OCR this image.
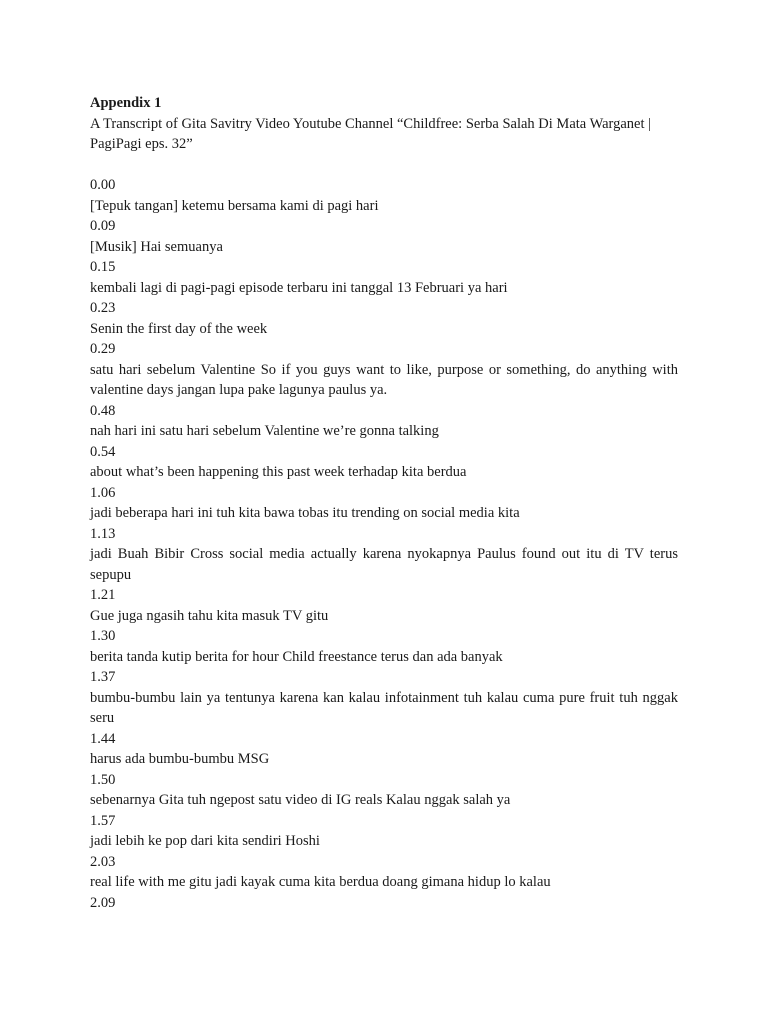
Appendix 1
A Transcript of Gita Savitry Video Youtube Channel “Childfree: Serba Salah Di Mata Warganet | PagiPagi eps. 32”
0.00
[Tepuk tangan] ketemu bersama kami di pagi hari
0.09
[Musik] Hai semuanya
0.15
kembali lagi di pagi-pagi episode terbaru ini tanggal 13 Februari ya hari
0.23
Senin the first day of the week
0.29
satu hari sebelum Valentine So if you guys want to like, purpose or something, do anything with valentine days jangan lupa pake lagunya paulus ya.
0.48
nah hari ini satu hari sebelum Valentine we’re gonna talking
0.54
about what’s been happening this past week terhadap kita berdua
1.06
jadi beberapa hari ini tuh kita bawa tobas itu trending on social media kita
1.13
jadi Buah Bibir Cross social media actually karena nyokapnya Paulus found out itu di TV terus sepupu
1.21
Gue juga ngasih tahu kita masuk TV gitu
1.30
berita tanda kutip berita for hour Child freestance terus dan ada banyak
1.37
bumbu-bumbu lain ya tentunya karena kan kalau infotainment tuh kalau cuma pure fruit tuh nggak seru
1.44
harus ada bumbu-bumbu MSG
1.50
sebenarnya Gita tuh ngepost satu video di IG reals Kalau nggak salah ya
1.57
jadi lebih ke pop dari kita sendiri Hoshi
2.03
real life with me gitu jadi kayak cuma kita berdua doang gimana hidup lo kalau
2.09
